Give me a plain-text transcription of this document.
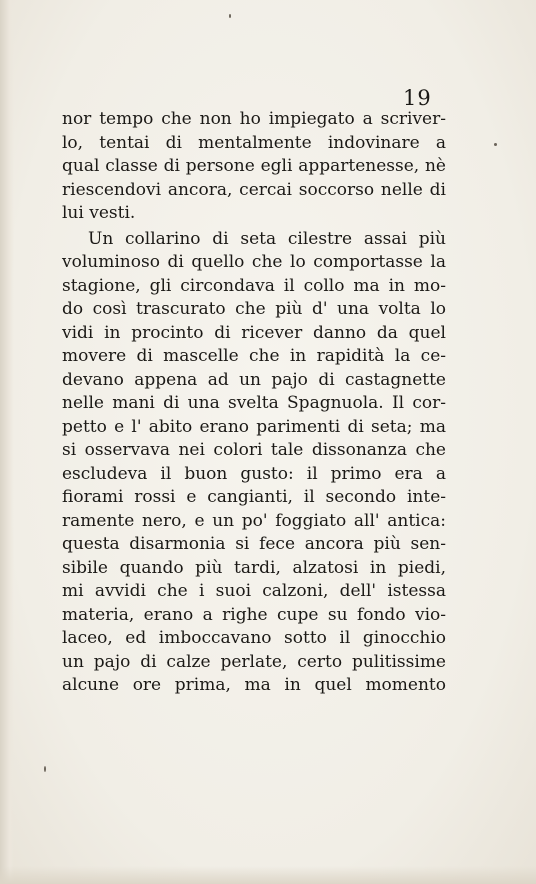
19
nor tempo che non ho impiegato a scriver-
lo, tentai di mentalmente indovinare a
qual classe di persone egli appartenesse, nè
riescendovi ancora, cercai soccorso nelle di
lui vesti.
Un collarino di seta cilestre assai più
voluminoso di quello che lo comportasse la
stagione, gli circondava il collo ma in mo-
do così trascurato che più d' una volta lo
vidi in procinto di ricever danno da quel
movere di mascelle che in rapidità la ce-
devano appena ad un pajo di castagnette
nelle mani di una svelta Spagnuola. Il cor-
petto e l' abito erano parimenti di seta; ma
si osservava nei colori tale dissonanza che
escludeva il buon gusto: il primo era a
fiorami rossi e cangianti, il secondo inte-
ramente nero, e un po' foggiato all' antica:
questa disarmonia si fece ancora più sen-
sibile quando più tardi, alzatosi in piedi,
mi avvidi che i suoi calzoni, dell' istessa
materia, erano a righe cupe su fondo vio-
laceo, ed imboccavano sotto il ginocchio
un pajo di calze perlate, certo pulitissime
alcune ore prima, ma in quel momento
